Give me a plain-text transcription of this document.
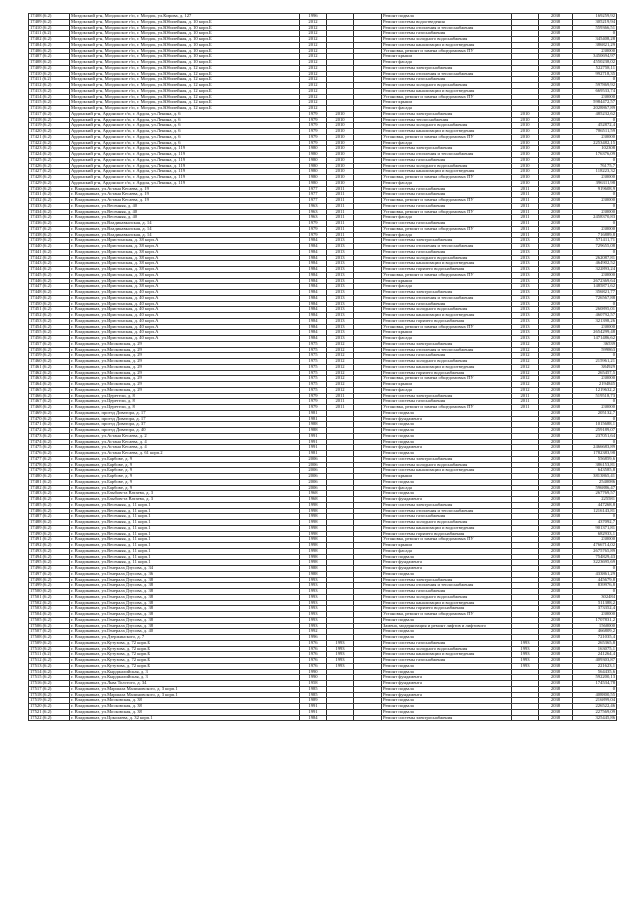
17408 (6.2)	Моздокский р-н, Моздокское г/п, г. Моздок, ул.Кирова, д. 127	1996			Ремонт подвала		2038	169259,92
17409 (6.2)	Моздокский р-н, Моздокское г/п, г. Моздок, ул.Юбилейная, д. 10 корп.Б	2012			Ремонт системы водоотведения		2038	305219,94
17410 (6.2)	Моздокский р-н, Моздокское г/п, г. Моздок, ул.Юбилейная, д. 10 корп.Б	2012			Ремонт системы отопления и теплоснабжения		2038	559366,51
17411 (6.2)	Моздокский р-н, Моздокское г/п, г. Моздок, ул.Юбилейная, д. 10 корп.Б	2012			Ремонт системы газоснабжения		2038	0
17402 (6.2)	Моздокский р-н, Моздокское г/п, г. Моздок, ул.Юбилейная, д. 10 корп.Б	2012			Ремонт системы холодного водоснабжения		2038	345408,28
17404 (6.2)	Моздокский р-н, Моздокское г/п, г. Моздок, ул.Юбилейная, д. 10 корп.Б	2012			Ремонт системы канализации и водоотведения		2038	386821,29
17406 (6.2)	Моздокский р-н, Моздокское г/п, г. Моздок, ул.Юбилейная, д. 10 корп.Б	2012			Установка, ремонт и замена общедомовых ПУ		2038	230000
17407 (6.2)	Моздокский р-н, Моздокское г/п, г. Моздок, ул.Юбилейная, д. 10 корп.Б	2012			Ремонт крыши		2038	3450694,97
17408 (6.2)	Моздокский р-н, Моздокское г/п, г. Моздок, ул.Юбилейная, д. 10 корп.Б	2012			Ремонт фасада		2038	4550238,02
17409 (6.2)	Моздокский р-н, Моздокское г/п, г. Моздок, ул.Юбилейная, д. 12 корп.Б	2012			Ремонт системы электроснабжения		2038	522758,11
17410 (6.2)	Моздокский р-н, Моздокское г/п, г. Моздок, ул.Юбилейная, д. 12 корп.Б	2012			Ремонт системы отопления и теплоснабжения		2038	992718,35
17411 (6.2)	Моздокский р-н, Моздокское г/п, г. Моздок, ул.Юбилейная, д. 12 корп.Б	2012			Ремонт системы газоснабжения		2038	0
17412 (6.2)	Моздокский р-н, Моздокское г/п, г. Моздок, ул.Юбилейная, д. 12 корп.Б	2012			Ремонт системы холодного водоснабжения		2038	597869,92
17413 (6.2)	Моздокский р-н, Моздокское г/п, г. Моздок, ул.Юбилейная, д. 12 корп.Б	2012			Ремонт системы канализации и водоотведения		2038	669533,74
17414 (6.2)	Моздокский р-н, Моздокское г/п, г. Моздок, ул.Юбилейная, д. 12 корп.Б	2012			Установка, ремонт и замена общедомовых ПУ		2038	230000
17415 (6.2)	Моздокский р-н, Моздокское г/п, г. Моздок, ул.Юбилейная, д. 12 корп.Б	2012			Ремонт крыши		2038	5984472,57
17416 (6.2)	Моздокский р-н, Моздокское г/п, г. Моздок, ул.Юбилейная, д. 12 корп.Б	2012			Ремонт фасада		2038	2028867,89
17417 (6.2)	Ардонский р-н, Ардонское г/п, г. Ардон, ул.Ленина, д. 6	1979	2010		Ремонт системы электроснабжения	2010	2038	485232,62
17418 (6.2)	Ардонский р-н, Ардонское г/п, г. Ардон, ул.Ленина, д. 6	1979	2010		Ремонт системы теплоснабжения	2010	2038	0
17419 (6.2)	Ардонский р-н, Ардонское г/п, г. Ардон, ул.Ленина, д. 6	1979	2010		Ремонт системы холодного водоснабжения	2010	2038	452872,4
17420 (6.2)	Ардонский р-н, Ардонское г/п, г. Ардон, ул.Ленина, д. 6	1979	2010		Ремонт системы канализации и водоотведения	2010	2038	786511,59
17421 (6.2)	Ардонский р-н, Ардонское г/п, г. Ардон, ул.Ленина, д. 6	1979	2010		Установка, ремонт и замена общедомовых ПУ	2010	2038	230000
17422 (6.2)	Ардонский р-н, Ардонское г/п, г. Ардон, ул.Ленина, д. 6	1979	2010		Ремонт фасада	2010	2038	2253482,15
17423 (6.2)	Ардонский р-н, Ардонское г/п, г. Ардон, ул.Ленина, д. 119	1980	2010		Ремонт системы электроснабжения	2010	2038	102308
17424 (6.2)	Ардонский р-н, Ардонское г/п, г. Ардон, ул.Ленина, д. 119	1980	2010		Ремонт системы отопления и теплоснабжения	2010	2038	176376,09
17425 (6.2)	Ардонский р-н, Ардонское г/п, г. Ардон, ул.Ленина, д. 119	1980	2010		Ремонт системы газоснабжения	2010	2038	0
17426 (6.2)	Ардонский р-н, Ардонское г/п, г. Ардон, ул.Ленина, д. 119	1980	2010		Ремонт системы холодного водоснабжения	2010	2038	76175,7
17427 (6.2)	Ардонский р-н, Ардонское г/п, г. Ардон, ул.Ленина, д. 119	1980	2010		Ремонт системы канализации и водоотведения	2010	2038	118223,32
17428 (6.2)	Ардонский р-н, Ардонское г/п, г. Ардон, ул.Ленина, д. 119	1980	2010		Установка, ремонт и замена общедомовых ПУ	2010	2038	230000
17429 (6.2)	Ардонский р-н, Ардонское г/п, г. Ардон, ул.Ленина, д. 119	1980	2010		Ремонт фасада	2010	2038	396311,98
17430 (6.2)	г. Владикавказ, ул.Астана Кесаева, д. 19	1977	2011		Ремонт системы газоснабжения	2011	2038	919608,9
17431 (6.2)	г. Владикавказ, ул.Астана Кесаева, д. 19	1977	2011		Ремонт системы газоснабжения	2011	2038	0
17432 (6.2)	г. Владикавказ, ул.Астана Кесаева, д. 19	1977	2011		Установка, ремонт и замена общедомовых ПУ	2011	2038	230000
17433 (6.2)	г. Владикавказ, ул.Весенняя, д. 40	1963	2011		Ремонт системы газоснабжения	2011	2038	0
17434 (6.2)	г. Владикавказ, ул.Весенняя, д. 40	1963	2011		Установка, ремонт и замена общедомовых ПУ	2011	2038	230000
17435 (6.2)	г. Владикавказ, ул.Весенняя, д. 40	1963	2011		Ремонт фасада	2011	2038	2458370,83
17436 (6.2)	г. Владикавказ, ул.Владикавказская, д. 14	1979	2011		Ремонт системы газоснабжения	2011	2038	0
17437 (6.2)	г. Владикавказ, ул.Владикавказская, д. 14	1979	2011		Установка, ремонт и замена общедомовых ПУ	2011	2038	230000
17438 (6.2)	г. Владикавказ, ул.Владикавказская, д. 14	1979	2011		Ремонт фасада	2011	2038	716889,8
17439 (6.2)	г. Владикавказ, ул.Иристонская, д. 38 корп.А	1984	2013		Ремонт системы электроснабжения	2013	2038	571411,71
17440 (6.2)	г. Владикавказ, ул.Иристонская, д. 38 корп.А	1984	2013		Ремонт системы отопления и теплоснабжения	2013	2038	729655,08
17441 (6.2)	г. Владикавказ, ул.Иристонская, д. 38 корп.А	1984	2013		Ремонт системы газоснабжения	2013	2038	0
17442 (6.2)	г. Владикавказ, ул.Иристонская, д. 38 корп.А	1984	2013		Ремонт системы холодного водоснабжения	2013	2038	262087,81
17443 (6.2)	г. Владикавказ, ул.Иристонская, д. 38 корп.А	1984	2013		Ремонт системы канализации и водоотведения	2013	2038	464902,52
17444 (6.2)	г. Владикавказ, ул.Иристонская, д. 38 корп.А	1984	2013		Ремонт системы горячего водоснабжения	2013	2038	322893,24
17445 (6.2)	г. Владикавказ, ул.Иристонская, д. 38 корп.А	1984	2013		Установка, ремонт и замена общедомовых ПУ	2013	2038	230000
17446 (6.2)	г. Владикавказ, ул.Иристонская, д. 38 корп.А	1984	2013		Ремонт крыши	2013	2038	2672369,64
17447 (6.2)	г. Владикавказ, ул.Иристонская, д. 38 корп.А	1984	2013		Ремонт фасада	2013	2038	1485871,62
17448 (6.2)	г. Владикавказ, ул.Иристонская, д. 40 корп.А	1984	2013		Ремонт системы электроснабжения	2013	2038	356821,77
17449 (6.2)	г. Владикавказ, ул.Иристонская, д. 40 корп.А	1984	2013		Ремонт системы отопления и теплоснабжения	2013	2038	726567,88
17450 (6.2)	г. Владикавказ, ул.Иристонская, д. 40 корп.А	1984	2013		Ремонт системы газоснабжения	2013	2038	0
17451 (6.2)	г. Владикавказ, ул.Иристонская, д. 40 корп.А	1984	2013		Ремонт системы холодного водоснабжения	2013	2038	260895,01
17452 (6.2)	г. Владикавказ, ул.Иристонская, д. 40 корп.А	1984	2013		Ремонт системы канализации и водоотведения	2013	2038	460792,57
17453 (6.2)	г. Владикавказ, ул.Иристонская, д. 40 корп.А	1984	2013		Ремонт системы горячего водоснабжения	2013	2038	321398,26
17454 (6.2)	г. Владикавказ, ул.Иристонская, д. 40 корп.А	1984	2013		Установка, ремонт и замена общедомовых ПУ	2013	2038	230000
17455 (6.2)	г. Владикавказ, ул.Иристонская, д. 40 корп.А	1984	2013		Ремонт крыши	2013	2038	2654299,48
17456 (6.2)	г. Владикавказ, ул.Иристонская, д. 40 корп.А	1984	2013		Ремонт фасада	2013	2038	1471486,62
17457 (6.2)	г. Владикавказ, ул.Московская, д. 29	1975	2012		Ремонт системы электроснабжения	2012	2038	36539
17458 (6.2)	г. Владикавказ, ул.Московская, д. 29	1975	2012		Ремонт системы отопления и теплоснабжения	2012	2038	599863
17459 (6.2)	г. Владикавказ, ул.Московская, д. 29	1975	2012		Ремонт системы газоснабжения	2012	2038	0
17460 (6.2)	г. Владикавказ, ул.Московская, д. 29	1975	2012		Ремонт системы холодного водоснабжения	2012	2038	215961,21
17461 (6.2)	г. Владикавказ, ул.Московская, д. 29	1975	2012		Ремонт системы канализации и водоотведения	2012	2038	384929
17462 (6.2)	г. Владикавказ, ул.Московская, д. 29	1975	2012		Ремонт системы горячего водоснабжения	2012	2038	265457,5
17463 (6.2)	г. Владикавказ, ул.Московская, д. 29	1975	2012		Установка, ремонт и замена общедомовых ПУ	2012	2038	230000
17464 (6.2)	г. Владикавказ, ул.Московская, д. 29	1975	2012		Ремонт крыши	2012	2038	2194845
17465 (6.2)	г. Владикавказ, ул.Московская, д. 29	1975	2012		Ремонт фасада	2012	2038	1219632,2
17466 (6.2)	г. Владикавказ, ул.Церетели, д. 8	1979	2011		Ремонт системы электроснабжения	2011	2038	519518,73
17467 (6.2)	г. Владикавказ, ул.Церетели, д. 8	1979	2011		Ремонт системы газоснабжения	2011	2038	0
17468 (6.2)	г. Владикавказ, ул.Церетели, д. 8	1979	2011		Установка, ремонт и замена общедомовых ПУ	2011	2038	230000
17469 (6.2)	г. Владикавказ, проезд Доватора, д. 17	1981			Ремонт подвала		2038	205132,7
17470 (6.2)	г. Владикавказ, проезд Доватора, д. 17	1981			Ремонт фундамента		2038	0
17471 (6.2)	г. Владикавказ, проезд Доватора, д. 37	1988			Ремонт подвала		2038	1015688,1
17472 (6.2)	г. Владикавказ, проезд Доватора, д. 40	1988			Ремонт подвала		2038	259189,07
17473 (6.2)	г. Владикавказ, ул.Астана Кесаева, д. 2	1991			Ремонт подвала		2038	237051,64
17474 (6.2)	г. Владикавказ, ул.Астана Кесаева, д. 4	1991			Ремонт подвала		2038	0
17475 (6.2)	г. Владикавказ, ул.Астана Кесаева, д. 4	1991			Ремонт фундамента		2038	2466683,89
17476 (6.2)	г. Владикавказ, ул.Астана Кесаева, д. 61 корп.2	1981			Ремонт подвала		2038	1782383,98
17477 (6.2)	г. Владикавказ, ул.Барбове, д. 9	2006			Ремонт системы электроснабжения		2038	556859,6
17478 (6.2)	г. Владикавказ, ул.Барбове, д. 9	2006			Ремонт системы холодного водоснабжения		2038	386153,81
17479 (6.2)	г. Владикавказ, ул.Барбове, д. 9	2006			Ремонт системы канализации и водоотведения		2038	643585,8
17480 (6.2)	г. Владикавказ, ул.Барбове, д. 9	2006			Ремонт крыши		2038	3813865,41
17481 (6.2)	г. Владикавказ, ул.Барбове, д. 9	2006			Ремонт подвала		2038	2540086
17482 (6.2)	г. Владикавказ, ул.Барбове, д. 9	2006			Ремонт фасада		2038	596886,47
17483 (6.2)	г. Владикавказ, ул.Бзыбовгта Ватаева, д. 3	1968			Ремонт подвала		2038	267769,57
17484 (6.2)	г. Владикавказ, ул.Бзыбовгта Ватаева, д. 3	1968			Ремонт фундамента		2038	225581
17485 (6.2)	г. Владикавказ, ул.Весенняя, д. 11 корп.1	1998			Ремонт системы электроснабжения		2038	447268,8
17486 (6.2)	г. Владикавказ, ул.Весенняя, д. 11 корп.1	1998			Ремонт системы отопления и теплоснабжения		2038	1216143,81
17487 (6.2)	г. Владикавказ, ул.Весенняя, д. 11 корп.1	1998			Ремонт системы газоснабжения		2038	0
17488 (6.2)	г. Владикавказ, ул.Весенняя, д. 11 корп.1	1998			Ремонт системы холодного водоснабжения		2038	437092,7
17489 (6.2)	г. Владикавказ, ул.Весенняя, д. 11 корп.1	1998			Ремонт системы канализации и водоотведения		2038	901371,81
17490 (6.2)	г. Владикавказ, ул.Весенняя, д. 11 корп.1	1998			Ремонт системы горячего водоснабжения		2038	682933,1
17491 (6.2)	г. Владикавказ, ул.Весенняя, д. 11 корп.1	1998			Установка, ремонт и замена общедомовых ПУ		2038	230000
17492 (6.2)	г. Владикавказ, ул.Весенняя, д. 11 корп.1	1998			Ремонт крыши		2038	4766714,02
17493 (6.2)	г. Владикавказ, ул.Весенняя, д. 11 корп.1	1998			Ремонт фасада		2038	2675765,89
17494 (6.2)	г. Владикавказ, ул.Весенняя, д. 11 корп.1	1998			Ремонт подвала		2038	754829,43
17495 (6.2)	г. Владикавказ, ул.Весенняя, д. 11 корп.1	1998			Ремонт фундамента		2038	3223695,69
17496 (6.2)	г. Владикавказ, ул.Генерала Дзусова, д. 34	1988			Ремонт фундамента		2038	0
17497 (6.2)	г. Владикавказ, ул.Генерала Дзусова, д. 36	1988			Ремонт подвала		2038	433861,29
17498 (6.2)	г. Владикавказ, ул.Генерала Дзусова, д. 38	1993			Ремонт системы электроснабжения		2038	445679,8
17499 (6.2)	г. Владикавказ, ул.Генерала Дзусова, д. 38	1993			Ремонт системы отопления и теплоснабжения		2038	839976,8
17500 (6.2)	г. Владикавказ, ул.Генерала Дзусова, д. 38	1993			Ремонт системы газоснабжения		2038	0
17501 (6.2)	г. Владикавказ, ул.Генерала Дзусова, д. 38	1993			Ремонт системы холодного водоснабжения		2038	302484
17502 (6.2)	г. Владикавказ, ул.Генерала Дзусова, д. 38	1993			Ремонт системы канализации и водоотведения		2038	511388,2
17503 (6.2)	г. Владикавказ, ул.Генерала Дзусова, д. 38	1993			Ремонт системы горячего водоснабжения		2038	373352,4
17504 (6.2)	г. Владикавказ, ул.Генерала Дзусова, д. 38	1993			Установка, ремонт и замена общедомовых ПУ		2038	230000
17505 (6.2)	г. Владикавказ, ул.Генерала Дзусова, д. 38	1993			Ремонт подвала		2038	1707831,2
17506 (6.2)	г. Владикавказ, ул.Генерала Дзусова, д. 38	1993			Замена, модернизация и ремонт лифтов и лифтового		2038	1560000
17507 (6.2)	г. Владикавказ, ул.Генерала Дзусова, д. 40	1992			Ремонт подвала		2038	466809,2
17508 (6.2)	г. Владикавказ, ул.Дзержинского, д. 7	1996			Ремонт подвала		2038	721035,4
17509 (6.2)	г. Владикавказ, ул.Кутузова, д. 72 корп.Б	1976	1993		Ремонт системы газоснабжения	1993	2038	265365,8
17510 (6.2)	г. Владикавказ, ул.Кутузова, д. 72 корп.Б	1976	1993		Ремонт системы холодного водоснабжения	1993	2038	163075,1
17511 (6.2)	г. Владикавказ, ул.Кутузова, д. 72 корп.Б	1976	1993		Ремонт системы канализации и водоотведения	1993	2038	241264,4
17512 (6.2)	г. Владикавказ, ул.Кутузова, д. 72 корп.Б	1976	1993		Ремонт системы газоснабжения	1993	2038	409303,87
17513 (6.2)	г. Владикавказ, ул.Кутузова, д. 72 корп.Б	1976	1993		Ремонт подвала	1993	2038	221623,1
17514 (6.2)	г. Владикавказ, ул.Кырджалийская, д. 3	1990			Ремонт подвала		2038	564435,6
17515 (6.2)	г. Владикавказ, ул.Кырджалийская, д. 3	1990			Ремонт фундамента		2038	592200,13
17516 (6.2)	г. Владикавказ, ул.Льва Толстого, д. 34	1958			Ремонт фундамента		2038	174534,78
17517 (6.2)	г. Владикавказ, ул.Маршала Малиновского, д. 3 корп.1	1985			Ремонт подвала		2038	0
17518 (6.2)	г. Владикавказ, ул.Маршала Малиновского, д. 3 корп.1	1985			Ремонт фундамента		2038	408800,55
17519 (6.2)	г. Владикавказ, ул.Московская, д. 38	1989			Ремонт подвала		2038	216899,04
17520 (6.2)	г. Владикавказ, ул.Московская, д. 38	1991			Ремонт подвала		2038	226522,46
17521 (6.2)	г. Владикавказ, ул.Московская, д. 38	1991			Ремонт подвала		2038	227569,09
17522 (6.2)	г. Владикавказ, ул.Цоколаева, д. 32 корп.1	1984			Ремонт системы электроснабжения		2038	325445,86
